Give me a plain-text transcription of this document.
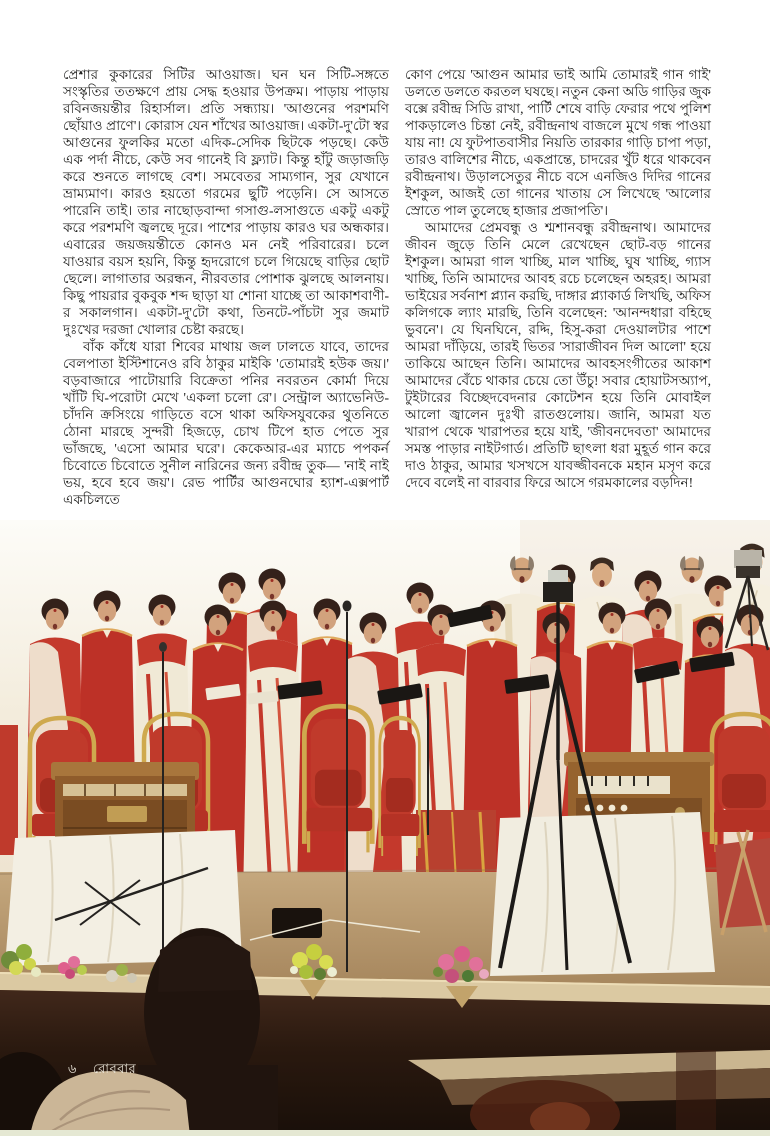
প্রেশার কুকারের সিটির আওয়াজ। ঘন ঘন সিটি-সঙ্গতে সংস্কৃতির ততক্ষণে প্রায় সেদ্ধ হওয়ার উপক্রম। পাড়ায় পাড়ায় রবিনজয়ন্তীর রিহার্সাল। প্রতি সন্ধ্যায়। 'আগুনের পরশমণি ছোঁয়াও প্রাণে'। কোরাস যেন শাঁখের আওয়াজ। একটা-দু'টো স্বর আগুনের ফুলকির মতো এদিক-সেদিক ছিটকে পড়ছে। কেউ এক পর্দা নীচে, কেউ সব গানেই বি ফ্ল্যাট। কিন্তু হাঁটু জড়াজড়ি করে শুনতে লাগছে বেশ। সমবেতর সাম্যগান, সুর যেখানে ভ্রাম্যমাণ। কারও হয়তো গরমের ছুটি পড়েনি। সে আসতে পারেনি তাই। তার নাছোড়বান্দা গসাগু-লসাগুতে একটু একটু করে পরশমণি জ্বলছে দূরে। পাশের পাড়ায় কারও ঘর অন্ধকার। এবারের জয়জয়ন্তীতে কোনও মন নেই পরিবারের। চলে যাওয়ার বয়স হয়নি, কিন্তু হৃদরোগে চলে গিয়েছে বাড়ির ছোট ছেলে। লাগাতার অরন্ধন, নীরবতার পোশাক ঝুলছে আলনায়। কিছু পায়রার বুকবুক শব্দ ছাড়া যা শোনা যাচ্ছে তা আকাশবাণী-র সকালগান। একটা-দু'টো কথা, তিনটে-পাঁচটা সুর জমাট দুঃখের দরজা খোলার চেষ্টা করছে।

বাঁক কাঁধে যারা শিবের মাথায় জল ঢালতে যাবে, তাদের বেলপাতা ইস্টিশানেও রবি ঠাকুর মাইকি 'তোমারই হউক জয়।' বড়বাজারে পাটোয়ারি বিক্রেতা পনির নবরতন কোর্মা দিয়ে খাঁটি ঘি-পরোটা মেখে 'একলা চলো রে'। সেন্ট্রাল অ্যাভেনিউ-চাঁদনি ক্রসিংয়ে গাড়িতে বসে থাকা অফিসযুবকের থুতনিতে ঠোনা মারছে সুন্দরী হিজড়ে, চোখ টিপে হাত পেতে সুর ভাঁজছে, 'এসো আমার ঘরে'। কেকেআর-এর ম্যাচে পপকর্ন চিবোতে চিবোতে সুনীল নারিনের জন্য রবীন্দ্র তুক— 'নাই নাই ভয়, হবে হবে জয়'। রেভ পার্টির আগুনঘোর হ্যাশ-এক্সপার্ট একচিলতে

কোণ পেয়ে 'আগুন আমার ভাই আমি তোমারই গান গাই' ডলতে ডলতে করতল ঘষছে। নতুন কেনা অডি গাড়ির জুক বক্সে রবীন্দ্র সিডি রাখা, পার্টি শেষে বাড়ি ফেরার পথে পুলিশ পাকড়ালেও চিন্তা নেই, রবীন্দ্রনাথ বাজলে মুখে গন্ধ পাওয়া যায় না! যে ফুটপাতবাসীর নিয়তি তারকার গাড়ি চাপা পড়া, তারও বালিশের নীচে, একপ্রান্তে, চাদরের খুঁট ধরে থাকবেন রবীন্দ্রনাথ। উড়ালসেতুর নীচে বসে এনজিও দিদির গানের ইশকুল, আজই তো গানের খাতায় সে লিখেছে 'আলোর স্রোতে পাল তুলেছে হাজার প্রজাপতি'।

আমাদের প্রেমবন্ধু ও শ্মশানবন্ধু রবীন্দ্রনাথ। আমাদের জীবন জুড়ে তিনি মেলে রেখেছেন ছোট-বড় গানের ইশকুল। আমরা গাল খাচ্ছি, মাল খাচ্ছি, ঘুষ খাচ্ছি, গ্যাস খাচ্ছি, তিনি আমাদের আবহ রচে চলেছেন অহরহ। আমরা ভাইয়ের সর্বনাশ প্ল্যান করছি, দাঙ্গার প্ল্যাকার্ড লিখছি, অফিস কলিগকে ল্যাং মারছি, তিনি বলেছেন: 'আনন্দধারা বহিছে ভুবনে'। যে ঘিনঘিনে, রদ্দি, হিসু-করা দেওয়ালটার পাশে আমরা দাঁড়িয়ে, তারই ভিতর 'সারাজীবন দিল আলো' হয়ে তাকিয়ে আছেন তিনি। আমাদের আবহসংগীতের আকাশ আমাদের বেঁচে থাকার চেয়ে তো উঁচু! সবার হোয়াটসঅ্যাপ, টুইটারের বিচ্ছেদবেদনার কোটেশন হয়ে তিনি মোবাইল আলো জ্বালেন দুঃখী রাতগুলোয়। জানি, আমরা যত খারাপ থেকে খারাপতর হয়ে যাই, 'জীবনদেবতা' আমাদের সমস্ত পাড়ার নাইটগার্ড। প্রতিটি ছাৎলা ধরা মুহূর্ত গান করে দাও ঠাকুর, আমার খসখসে যাবজ্জীবনকে মহান মসৃণ করে দেবে বলেই না বারবার ফিরে আসে গরমকালের বড়দিন!

৬ রোববার
